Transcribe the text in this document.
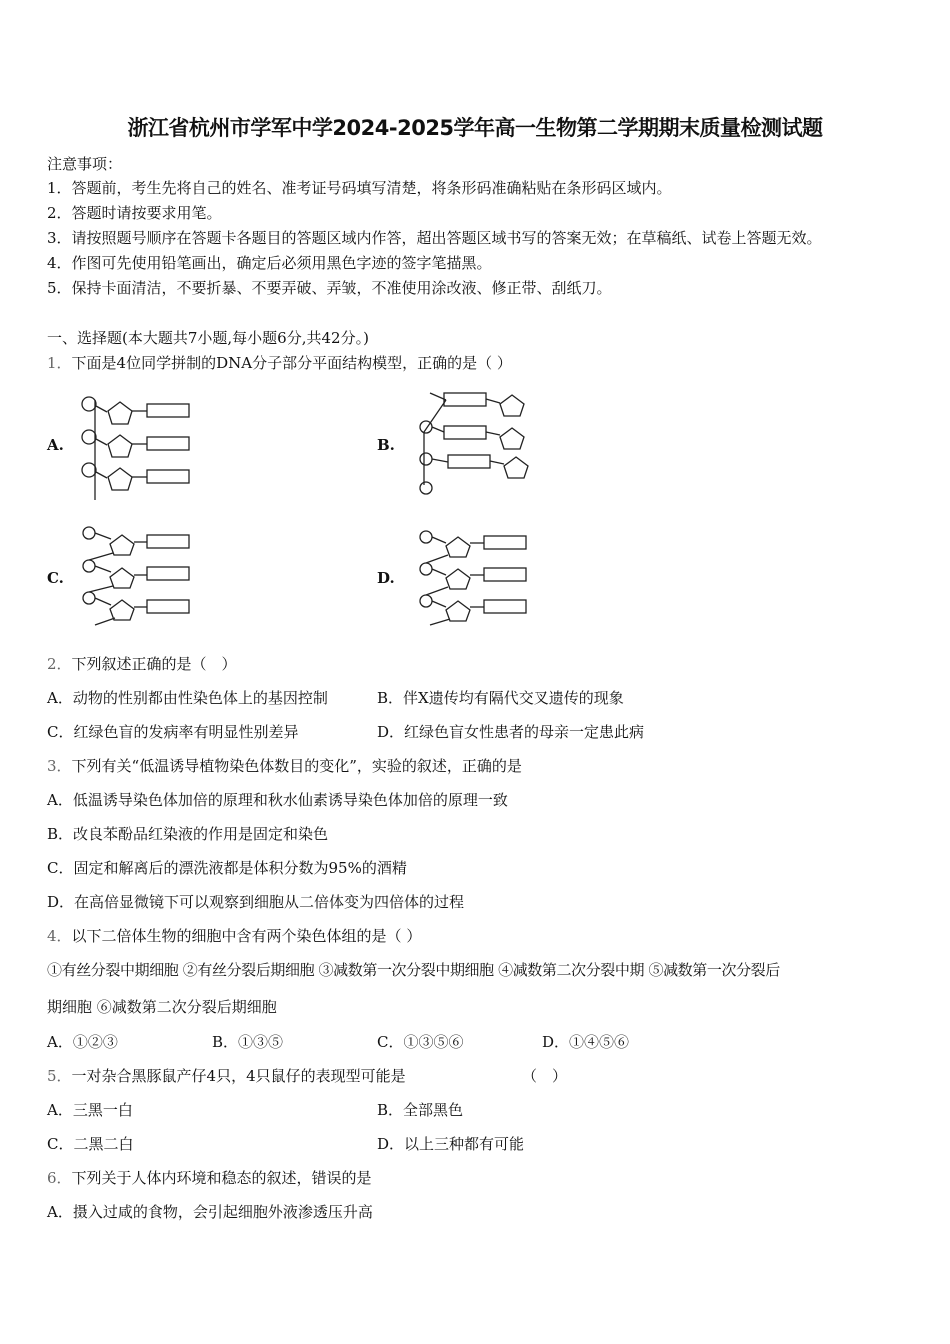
浙江省杭州市学军中学2024-2025学年高一生物第二学期期末质量检测试题
注意事项：
1．答题前，考生先将自己的姓名、准考证号码填写清楚，将条形码准确粘贴在条形码区域内。
2．答题时请按要求用笔。
3．请按照题号顺序在答题卡各题目的答题区域内作答，超出答题区域书写的答案无效；在草稿纸、试卷上答题无效。
4．作图可先使用铅笔画出，确定后必须用黑色字迹的签字笔描黑。
5．保持卡面清洁，不要折暴、不要弄破、弄皱，不准使用涂改液、修正带、刮纸刀。
一、选择题(本大题共7小题,每小题6分,共42分。)
1．下面是4位同学拼制的DNA分子部分平面结构模型，正确的是（ ）
A.	B.
C.	D.
2．下列叙述正确的是（　）
A．动物的性别都由性染色体上的基因控制	B．伴X遗传均有隔代交叉遗传的现象
C．红绿色盲的发病率有明显性别差异	D．红绿色盲女性患者的母亲一定患此病
3．下列有关“低温诱导植物染色体数目的变化”，实验的叙述，正确的是
A．低温诱导染色体加倍的原理和秋水仙素诱导染色体加倍的原理一致
B．改良苯酚品红染液的作用是固定和染色
C．固定和解离后的漂洗液都是体积分数为95%的酒精
D．在高倍显微镜下可以观察到细胞从二倍体变为四倍体的过程
4．以下二倍体生物的细胞中含有两个染色体组的是（ ）
①有丝分裂中期细胞 ②有丝分裂后期细胞 ③减数第一次分裂中期细胞 ④减数第二次分裂中期 ⑤减数第一次分裂后
期细胞 ⑥减数第二次分裂后期细胞
A．①②③	B．①③⑤	C．①③⑤⑥	D．①④⑤⑥
5．一对杂合黑豚鼠产仔4只，4只鼠仔的表现型可能是	（　）
A．三黑一白	B．全部黑色
C．二黑二白	D．以上三种都有可能
6．下列关于人体内环境和稳态的叙述，错误的是
A．摄入过咸的食物，会引起细胞外液渗透压升高
